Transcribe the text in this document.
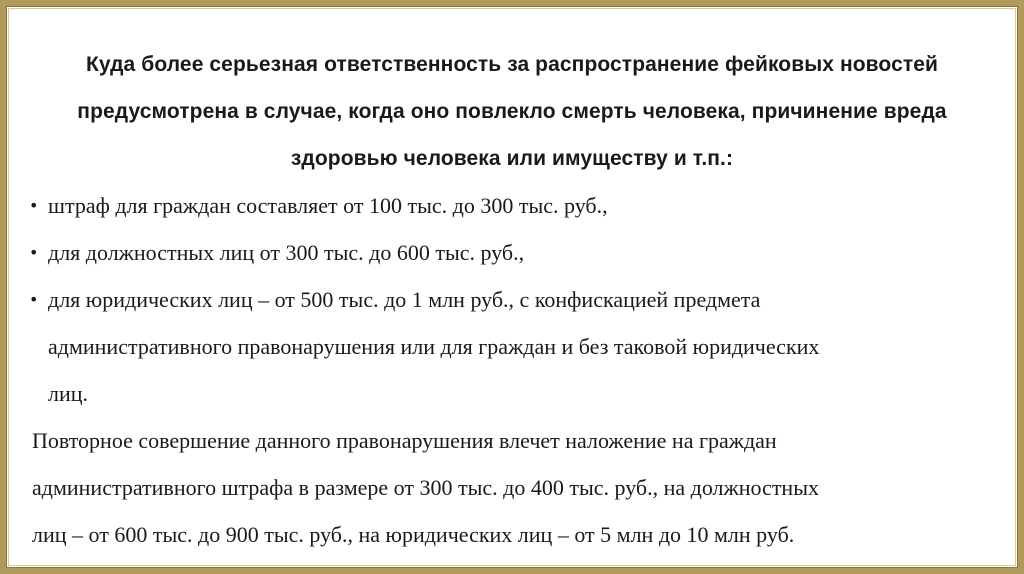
Куда более серьезная ответственность за распространение фейковых новостей
предусмотрена в случае, когда оно повлекло смерть человека, причинение вреда
здоровью человека или имуществу и т.п.:
• штраф для граждан составляет от 100 тыс. до 300 тыс. руб.,
• для должностных лиц от 300 тыс. до 600 тыс. руб.,
• для юридических лиц – от 500 тыс. до 1 млн руб., с конфискацией предмета
административного правонарушения или для граждан и без таковой юридических
лиц.

Повторное совершение данного правонарушения влечет наложение на граждан
административного штрафа в размере от 300 тыс. до 400 тыс. руб., на должностных
лиц – от 600 тыс. до 900 тыс. руб., на юридических лиц – от 5 млн до 10 млн руб.
